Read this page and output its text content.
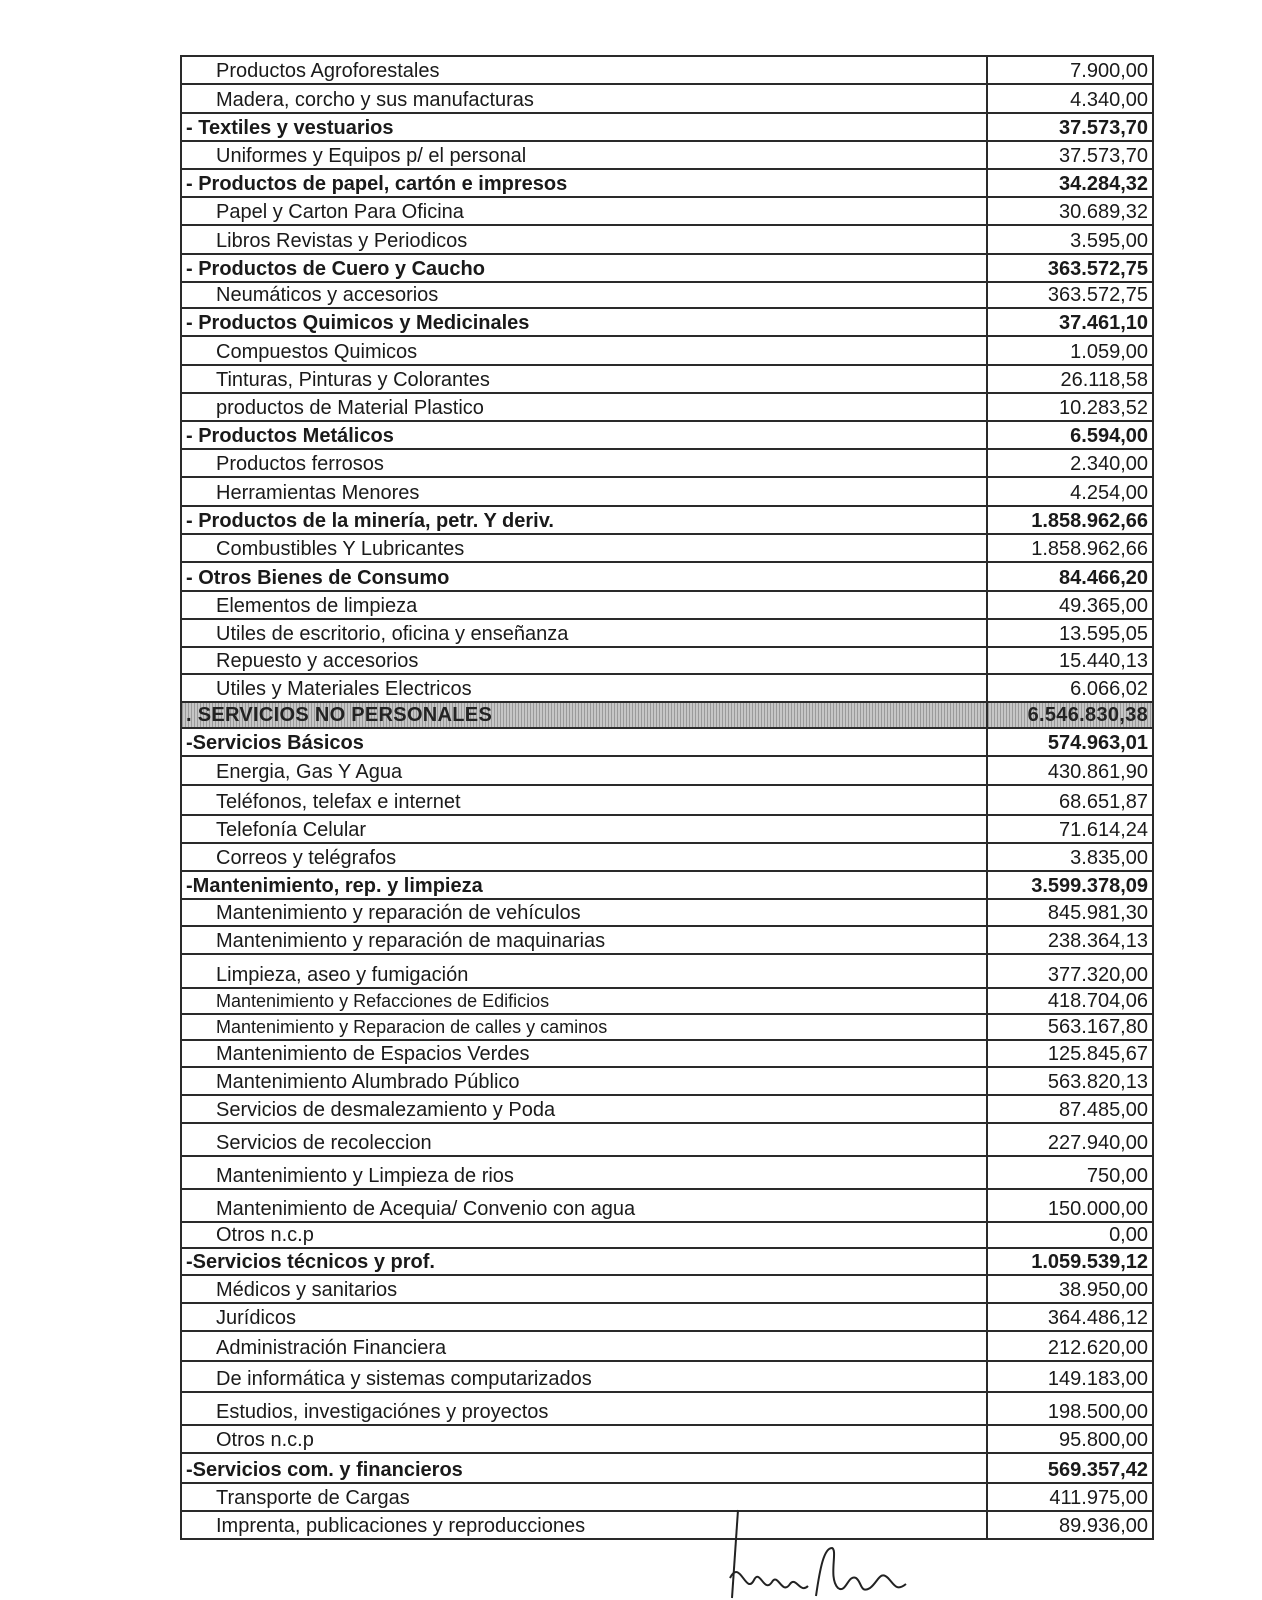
Productos Agroforestales	7.900,00
Madera, corcho y sus manufacturas	4.340,00
- Textiles y vestuarios	37.573,70
Uniformes y Equipos p/ el personal	37.573,70
- Productos de papel, cartón e impresos	34.284,32
Papel y Carton Para Oficina	30.689,32
Libros Revistas y Periodicos	3.595,00
- Productos de Cuero y Caucho	363.572,75
Neumáticos y accesorios	363.572,75
- Productos Quimicos y Medicinales	37.461,10
Compuestos Quimicos	1.059,00
Tinturas, Pinturas y Colorantes	26.118,58
productos de Material Plastico	10.283,52
- Productos Metálicos	6.594,00
Productos ferrosos	2.340,00
Herramientas Menores	4.254,00
- Productos de la minería, petr. Y deriv.	1.858.962,66
Combustibles Y Lubricantes	1.858.962,66
- Otros Bienes de Consumo	84.466,20
Elementos de limpieza	49.365,00
Utiles de escritorio, oficina y enseñanza	13.595,05
Repuesto y accesorios	15.440,13
Utiles y Materiales Electricos	6.066,02
. SERVICIOS NO PERSONALES	6.546.830,38
-Servicios Básicos	574.963,01
Energia, Gas Y Agua	430.861,90
Teléfonos, telefax e internet	68.651,87
Telefonía Celular	71.614,24
Correos y telégrafos	3.835,00
-Mantenimiento, rep. y limpieza	3.599.378,09
Mantenimiento y reparación de vehículos	845.981,30
Mantenimiento y reparación de maquinarias	238.364,13
Limpieza, aseo y fumigación	377.320,00
Mantenimiento y Refacciones de Edificios	418.704,06
Mantenimiento y Reparacion de calles y caminos	563.167,80
Mantenimiento de Espacios Verdes	125.845,67
Mantenimiento Alumbrado Público	563.820,13
Servicios de desmalezamiento y Poda	87.485,00
Servicios de recoleccion	227.940,00
Mantenimiento y Limpieza de rios	750,00
Mantenimiento de Acequia/ Convenio con agua	150.000,00
Otros n.c.p	0,00
-Servicios técnicos y prof.	1.059.539,12
Médicos y sanitarios	38.950,00
Jurídicos	364.486,12
Administración Financiera	212.620,00
De informática y sistemas computarizados	149.183,00
Estudios, investigaciónes y proyectos	198.500,00
Otros n.c.p	95.800,00
-Servicios com. y financieros	569.357,42
Transporte de Cargas	411.975,00
Imprenta, publicaciones y reproducciones	89.936,00
